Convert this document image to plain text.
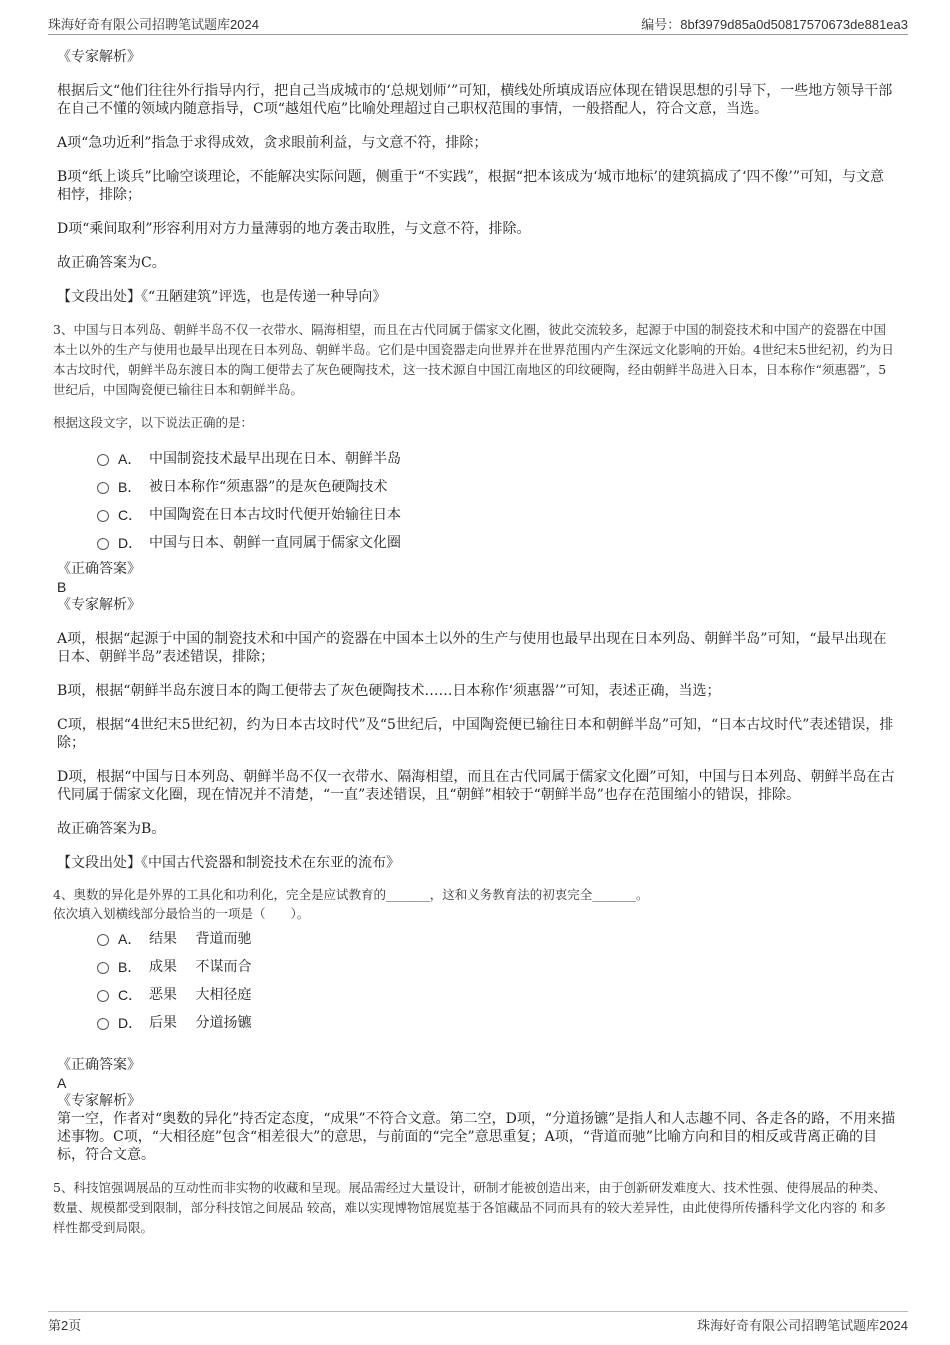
珠海好奇有限公司招聘笔试题库2024	编号：8bf3979d85a0d50817570673de881ea3

《专家解析》

根据后文“他们往往外行指导内行，把自己当成城市的‘总规划师’”可知，横线处所填成语应体现在错误思想的引导下，一些地方领导干部在自己不懂的领域内随意指导，C项“越俎代庖”比喻处理超过自己职权范围的事情，一般搭配人，符合文意，当选。

A项“急功近利”指急于求得成效，贪求眼前利益，与文意不符，排除；

B项“纸上谈兵”比喻空谈理论，不能解决实际问题，侧重于“不实践”，根据“把本该成为‘城市地标’的建筑搞成了‘四不像’”可知，与文意相悖，排除；

D项“乘间取利”形容利用对方力量薄弱的地方袭击取胜，与文意不符，排除。

故正确答案为C。

【文段出处】《“丑陋建筑”评选，也是传递一种导向》

3、中国与日本列岛、朝鲜半岛不仅一衣带水、隔海相望，而且在古代同属于儒家文化圈，彼此交流较多，起源于中国的制瓷技术和中国产的瓷器在中国本土以外的生产与使用也最早出现在日本列岛、朝鲜半岛。它们是中国瓷器走向世界并在世界范围内产生深远文化影响的开始。4世纪末5世纪初，约为日本古坟时代，朝鲜半岛东渡日本的陶工便带去了灰色硬陶技术，这一技术源自中国江南地区的印纹硬陶，经由朝鲜半岛进入日本，日本称作“须惠器”，5世纪后，中国陶瓷便已输往日本和朝鲜半岛。

根据这段文字，以下说法正确的是：

A． 中国制瓷技术最早出现在日本、朝鲜半岛
B． 被日本称作“须惠器”的是灰色硬陶技术
C． 中国陶瓷在日本古坟时代便开始输往日本
D． 中国与日本、朝鲜一直同属于儒家文化圈

《正确答案》

B

《专家解析》

A项，根据“起源于中国的制瓷技术和中国产的瓷器在中国本土以外的生产与使用也最早出现在日本列岛、朝鲜半岛”可知，“最早出现在日本、朝鲜半岛”表述错误，排除；

B项，根据“朝鲜半岛东渡日本的陶工便带去了灰色硬陶技术……日本称作‘须惠器’”可知，表述正确，当选；

C项，根据“4世纪末5世纪初，约为日本古坟时代”及“5世纪后，中国陶瓷便已输往日本和朝鲜半岛”可知，“日本古坟时代”表述错误，排除；

D项，根据“中国与日本列岛、朝鲜半岛不仅一衣带水、隔海相望，而且在古代同属于儒家文化圈”可知，中国与日本列岛、朝鲜半岛在古代同属于儒家文化圈，现在情况并不清楚，“一直”表述错误，且“朝鲜”相较于“朝鲜半岛”也存在范围缩小的错误，排除。

故正确答案为B。

【文段出处】《中国古代瓷器和制瓷技术在东亚的流布》

4、奥数的异化是外界的工具化和功利化，完全是应试教育的_______，这和义务教育法的初衷完全_______。

依次填入划横线部分最恰当的一项是（　　）。

A． 结果　 背道而驰
B． 成果　 不谋而合
C． 恶果　 大相径庭
D． 后果　 分道扬镳

《正确答案》

A

《专家解析》

第一空，作者对“奥数的异化”持否定态度，“成果”不符合文意。第二空，D项，“分道扬镳”是指人和人志趣不同、各走各的路，不用来描述事物。C项，“大相径庭”包含“相差很大”的意思，与前面的“完全”意思重复；A项，“背道而驰”比喻方向和目的相反或背离正确的目标，符合文意。

5、科技馆强调展品的互动性而非实物的收藏和呈现。展品需经过大量设计，研制才能被创造出来，由于创新研发难度大、技术性强、使得展品的种类、数量、规模都受到限制，部分科技馆之间展品 较高，难以实现博物馆展览基于各馆藏品不同而具有的较大差异性，由此使得所传播科学文化内容的 和多样性都受到局限。

第2页	珠海好奇有限公司招聘笔试题库2024
